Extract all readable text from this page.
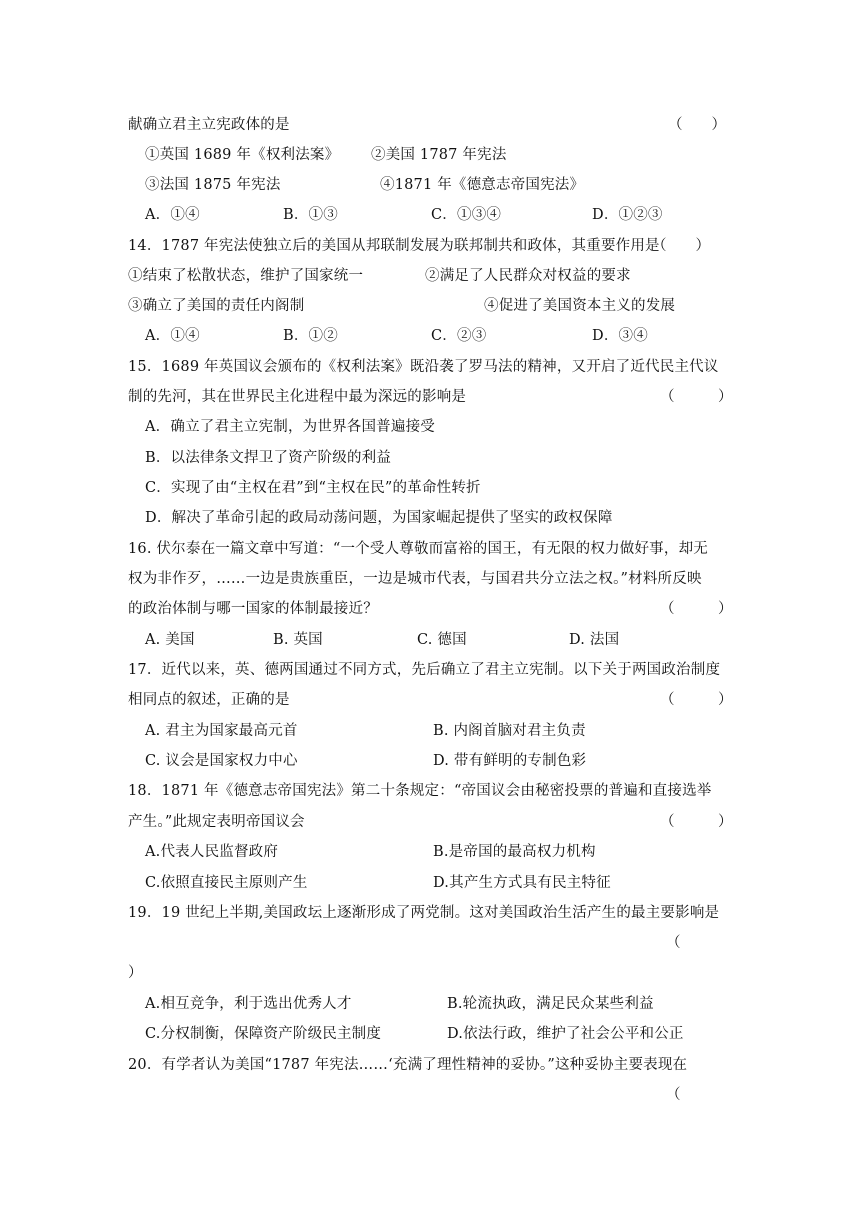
献确立君主立宪政体的是	（　　）
①英国 1689 年《权利法案》 ②美国 1787 年宪法
③法国 1875 年宪法	④1871 年《德意志帝国宪法》
A．①④	B．①③	C．①③④	D．①②③
14．1787 年宪法使独立后的美国从邦联制发展为联邦制共和政体，其重要作用是
（　　）
①结束了松散状态，维护了国家统一	②满足了人民群众对权益的要求
③确立了美国的责任内阁制	④促进了美国资本主义的发展
A．①④	B．①②	C．②③	D．③④
15．1689 年英国议会颁布的《权利法案》既沿袭了罗马法的精神，又开启了近代民主代议
制的先河，其在世界民主化进程中最为深远的影响是	（　　　）
A．确立了君主立宪制，为世界各国普遍接受
B．以法律条文捍卫了资产阶级的利益
C．实现了由“主权在君”到“主权在民”的革命性转折
D．解决了革命引起的政局动荡问题，为国家崛起提供了坚实的政权保障
16. 伏尔泰在一篇文章中写道：“一个受人尊敬而富裕的国王，有无限的权力做好事，却无
权为非作歹，……一边是贵族重臣，一边是城市代表，与国君共分立法之权。”材料所反映
的政治体制与哪一国家的体制最接近？	（　　　）
A. 美国	B. 英国	C. 德国	D. 法国
17．近代以来，英、德两国通过不同方式，先后确立了君主立宪制。以下关于两国政治制度
相同点的叙述，正确的是	（　　　）
A. 君主为国家最高元首	B. 内阁首脑对君主负责
C. 议会是国家权力中心	D. 带有鲜明的专制色彩
18．1871 年《德意志帝国宪法》第二十条规定：“帝国议会由秘密投票的普遍和直接选举
产生。”此规定表明帝国议会	（　　　）
A.代表人民监督政府	B.是帝国的最高权力机构
C.依照直接民主原则产生	D.其产生方式具有民主特征
19．19 世纪上半期,美国政坛上逐渐形成了两党制。这对美国政治生活产生的最主要影响是
（
）
A.相互竞争，利于选出优秀人才	B.轮流执政，满足民众某些利益
C.分权制衡，保障资产阶级民主制度	D.依法行政，维护了社会公平和公正
20．有学者认为美国“1787 年宪法……‘充满了理性精神的妥协。”这种妥协主要表现在
（
